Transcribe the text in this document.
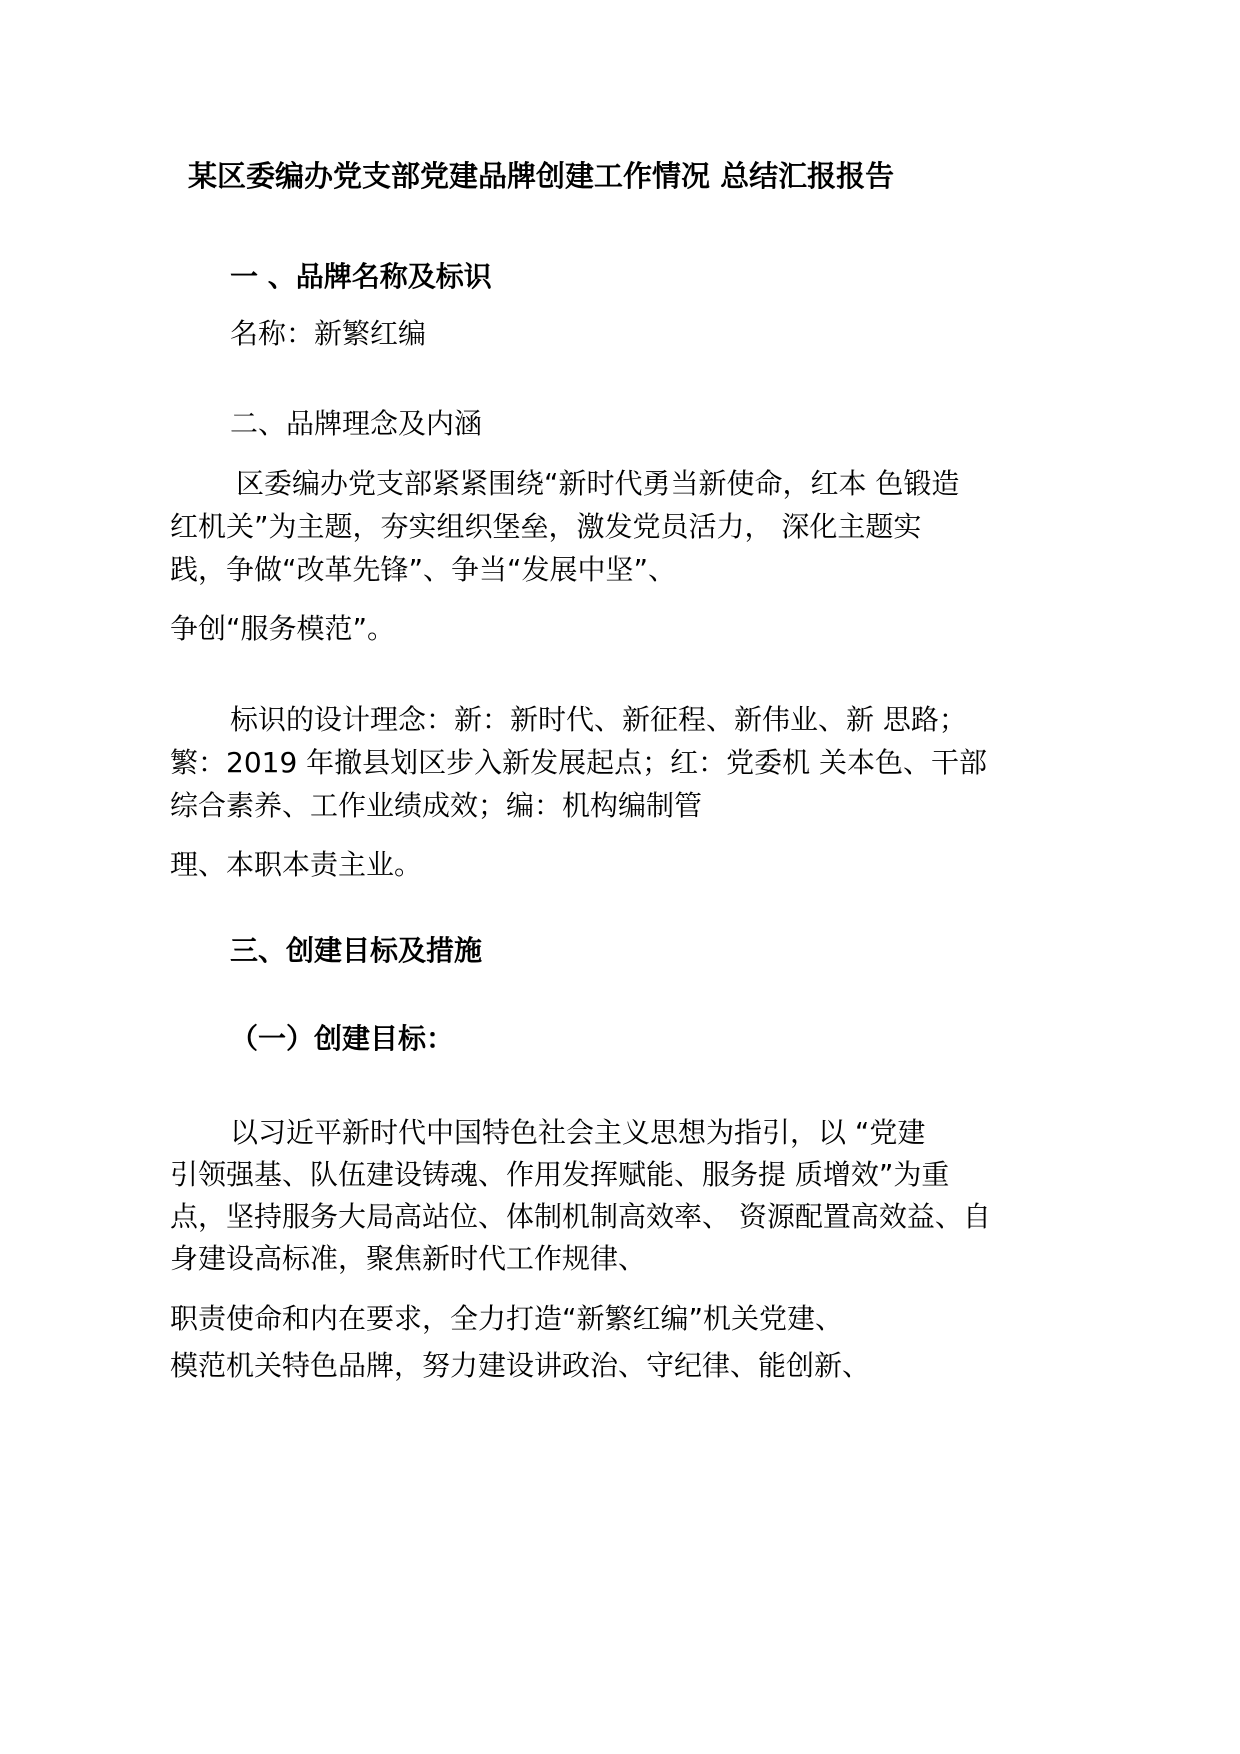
某区委编办党支部党建品牌创建工作情况 总结汇报报告
一 、品牌名称及标识
名称：新繁红编
二、品牌理念及内涵
区委编办党支部紧紧围绕“新时代勇当新使命，红本 色锻造
红机关”为主题，夯实组织堡垒，激发党员活力， 深化主题实
践，争做“改革先锋”、争当“发展中坚”、
争创“服务模范”。
标识的设计理念：新：新时代、新征程、新伟业、新 思路；
繁：2019 年撤县划区步入新发展起点；红：党委机 关本色、干部
综合素养、工作业绩成效；编：机构编制管
理、本职本责主业。
三、创建目标及措施
（一）创建目标：
以习近平新时代中国特色社会主义思想为指引，以 “党建
引领强基、队伍建设铸魂、作用发挥赋能、服务提 质增效”为重
点，坚持服务大局高站位、体制机制高效率、 资源配置高效益、自
身建设高标准，聚焦新时代工作规律、
职责使命和内在要求，全力打造“新繁红编”机关党建、
模范机关特色品牌，努力建设讲政治、守纪律、能创新、
